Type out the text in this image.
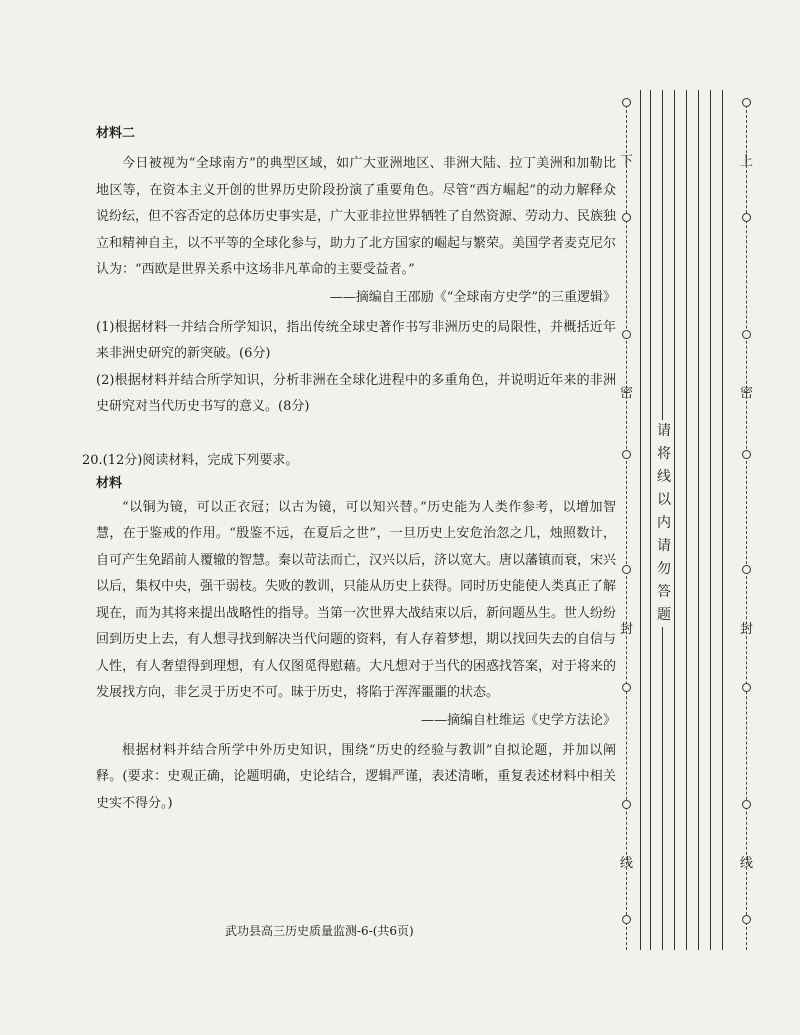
材料二

今日被视为“全球南方”的典型区域，如广大亚洲地区、非洲大陆、拉丁美洲和加勒比地区等，在资本主义开创的世界历史阶段扮演了重要角色。尽管“西方崛起”的动力解释众说纷纭，但不容否定的总体历史事实是，广大亚非拉世界牺牲了自然资源、劳动力、民族独立和精神自主，以不平等的全球化参与，助力了北方国家的崛起与繁荣。美国学者麦克尼尔认为：“西欧是世界关系中这场非凡革命的主要受益者。”

——摘编自王邵励《“全球南方史学”的三重逻辑》

(1)根据材料一并结合所学知识，指出传统全球史著作书写非洲历史的局限性，并概括近年来非洲史研究的新突破。(6分)

(2)根据材料并结合所学知识，分析非洲在全球化进程中的多重角色，并说明近年来的非洲史研究对当代历史书写的意义。(8分)

20.(12分)阅读材料，完成下列要求。

材料

“以铜为镜，可以正衣冠；以古为镜，可以知兴替。”历史能为人类作参考，以增加智慧，在于鉴戒的作用。“殷鉴不远，在夏后之世”，一旦历史上安危治忽之几，烛照数计，自可产生免蹈前人覆辙的智慧。秦以苛法而亡，汉兴以后，济以宽大。唐以藩镇而衰，宋兴以后，集权中央，强干弱枝。失败的教训，只能从历史上获得。同时历史能使人类真正了解现在，而为其将来提出战略性的指导。当第一次世界大战结束以后，新问题丛生。世人纷纷回到历史上去，有人想寻找到解决当代问题的资料，有人存着梦想，期以找回失去的自信与人性，有人奢望得到理想，有人仅图觅得慰藉。大凡想对于当代的困惑找答案，对于将来的发展找方向，非乞灵于历史不可。昧于历史，将陷于浑浑噩噩的状态。

——摘编自杜维运《史学方法论》

根据材料并结合所学中外历史知识，围绕“历史的经验与教训”自拟论题，并加以阐释。(要求：史观正确，论题明确，史论结合，逻辑严谨，表述清晰，重复表述材料中相关史实不得分。)

武功县高三历史质量监测-6-(共6页)
下
密
封
线
上
密
封
线
请
将
线
以
内
请
勿
答
题
